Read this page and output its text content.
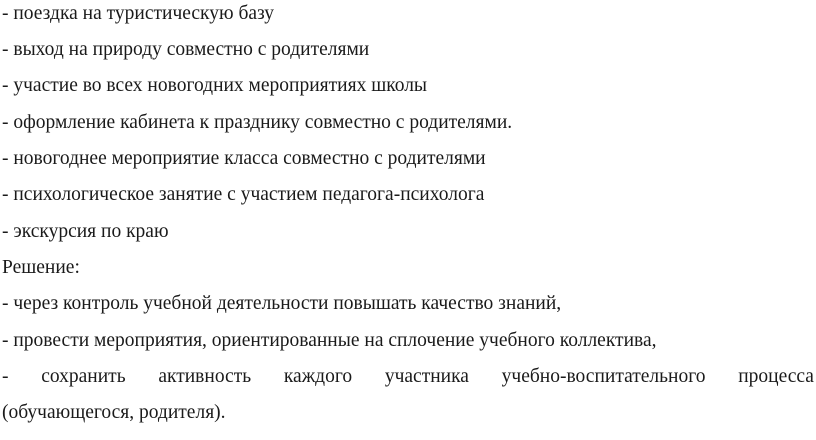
- поездка на туристическую базу
- выход на природу совместно с родителями
- участие во всех новогодних мероприятиях школы
- оформление кабинета к празднику совместно с родителями.
- новогоднее мероприятие класса совместно с родителями
- психологическое занятие с участием педагога-психолога
- экскурсия по краю
Решение:
- через контроль учебной деятельности повышать качество знаний,
- провести мероприятия, ориентированные на сплочение учебного коллектива,
- сохранить активность каждого участника учебно-воспитательного процесса
(обучающегося, родителя).
